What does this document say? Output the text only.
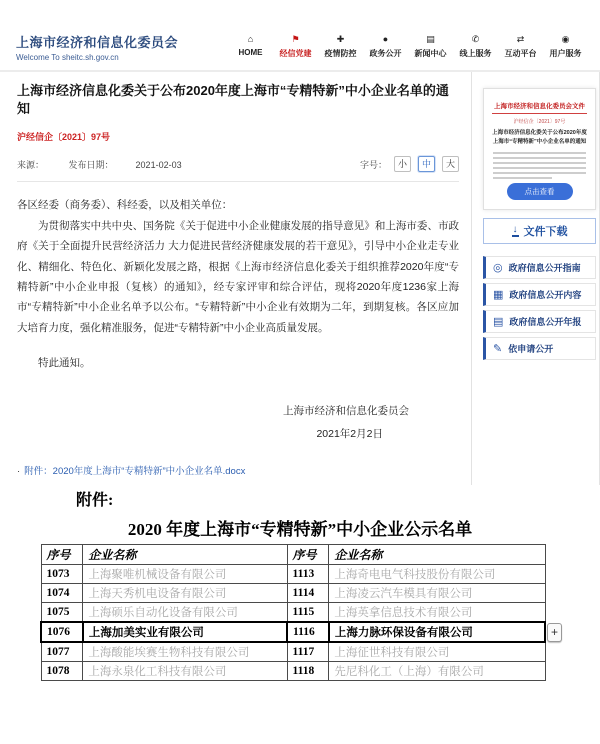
上海市经济和信息化委员会
Welcome To sheitc.sh.gov.cn
⌂
HOME
⚑
经信党建
✚
疫情防控
●
政务公开
▤
新闻中心
✆
线上服务
⇄
互动平台
◉
用户服务
上海市经济信息化委关于公布2020年度上海市“专精特新”中小企业名单的通知
沪经信企〔2021〕97号
来源：	发布日期： 2021-02-03	字号：	小	中	大

各区经委（商务委）、科经委，以及相关单位：

为贯彻落实中共中央、国务院《关于促进中小企业健康发展的指导意见》和上海市委、市政府《关于全面提升民营经济活力 大力促进民营经济健康发展的若干意见》，引导中小企业走专业化、精细化、特色化、新颖化发展之路，根据《上海市经济信息化委关于组织推荐2020年度“专精特新”中小企业申报（复核）的通知》，经专家评审和综合评估，现将2020年度1236家上海市“专精特新”中小企业名单予以公布。“专精特新”中小企业有效期为二年，到期复核。各区应加大培育力度，强化精准服务，促进“专精特新”中小企业高质量发展。

特此通知。

上海市经济和信息化委员会
2021年2月2日
· 附件：2020年度上海市“专精特新”中小企业名单.docx
上海市经济和信息化委员会文件
沪经信企〔2021〕97号
上海市经济信息化委关于公布2020年度上海市“专精特新”中小企业名单的通知
点击查看
↓ 文件下载
◎ 政府信息公开指南
▦ 政府信息公开内容
▤ 政府信息公开年报
✎ 依申请公开
附件:
2020 年度上海市“专精特新”中小企业公示名单
序号	企业名称	序号	企业名称
1073	上海聚唯机械设备有限公司	1113	上海奇电电气科技股份有限公司
1074	上海天秀机电设备有限公司	1114	上海凌云汽车模具有限公司
1075	上海硕乐自动化设备有限公司	1115	上海英拿信息技术有限公司
1076	上海加美实业有限公司	1116	上海力脉环保设备有限公司
1077	上海酸能埃赛生物科技有限公司	1117	上海征世科技有限公司
1078	上海永泉化工科技有限公司	1118	先尼科化工（上海）有限公司
+
